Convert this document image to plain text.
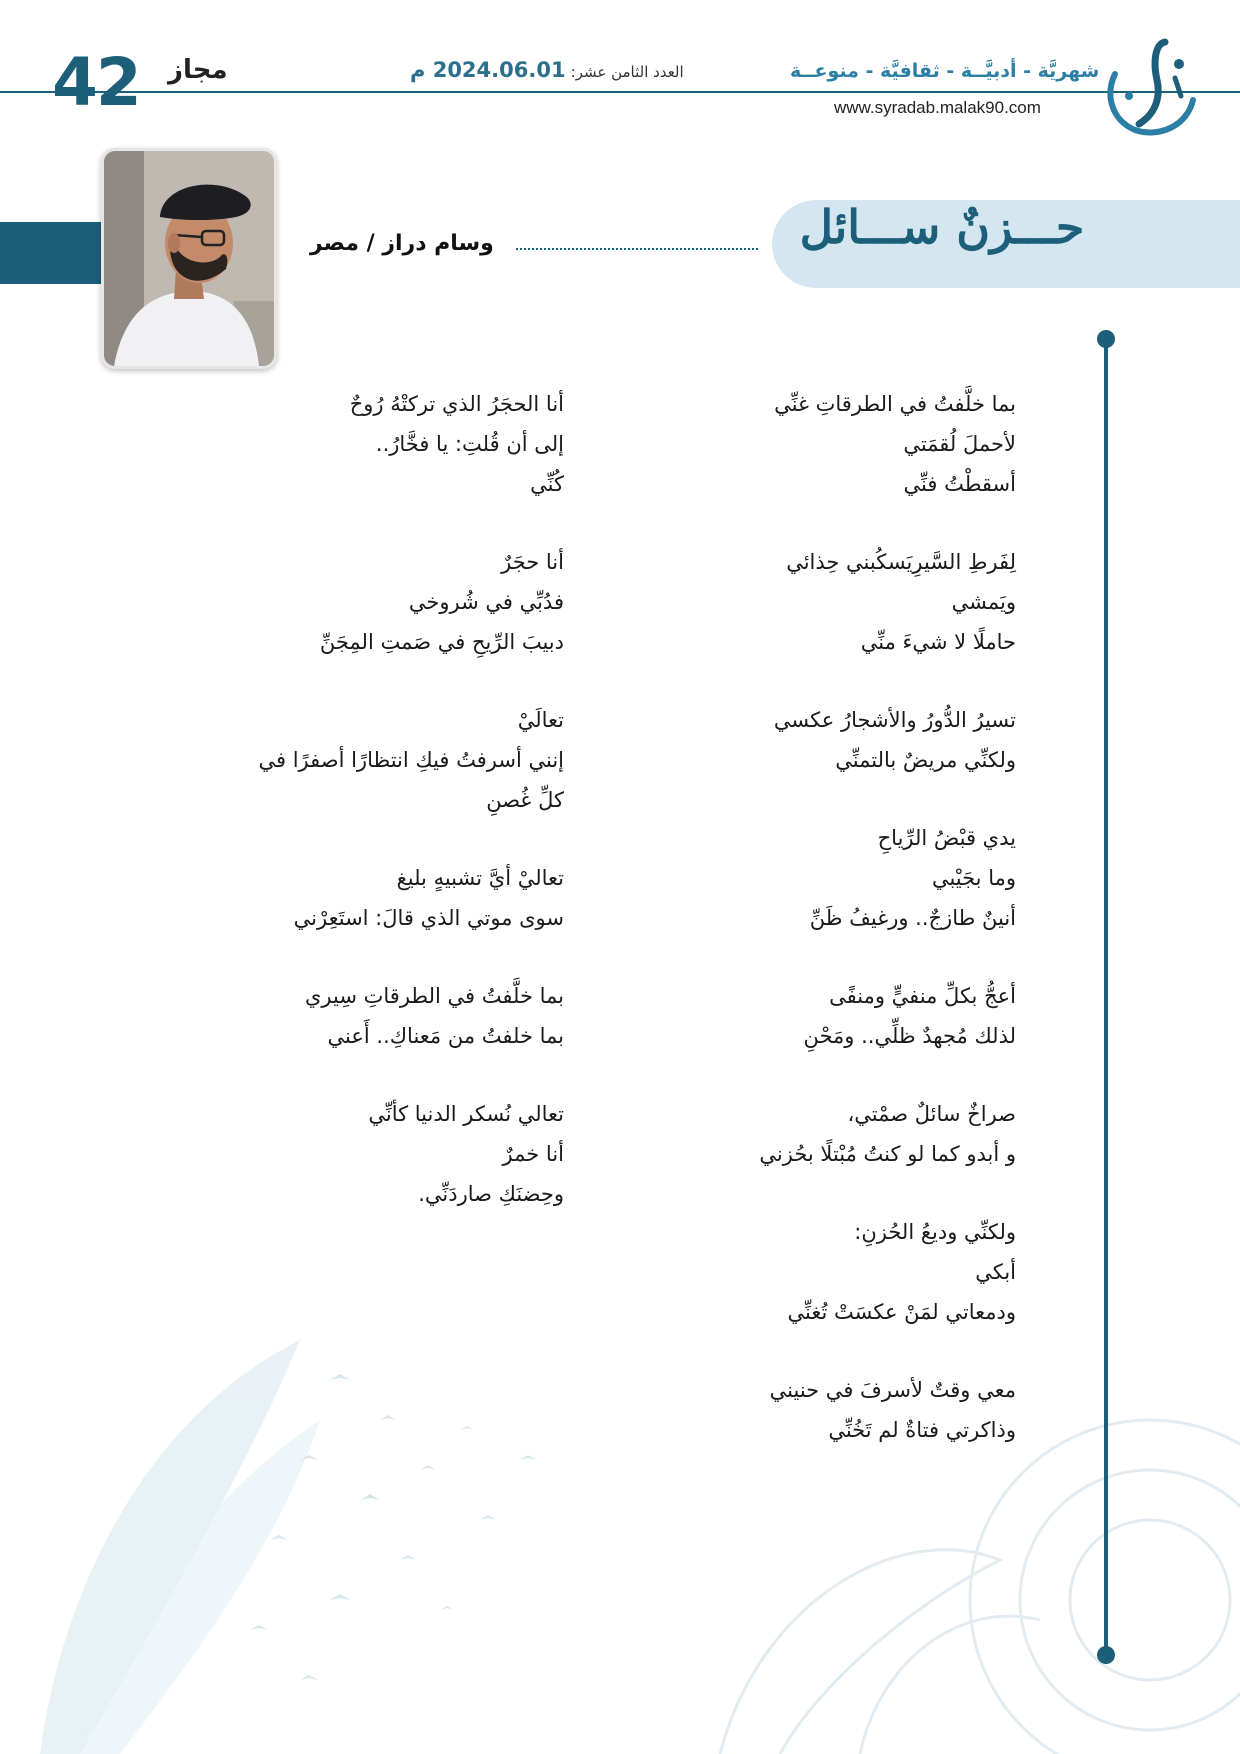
42 مجاز	العدد الثامن عشر: 2024.06.01 م	شهريَّة - أدبيَّــة - ثقافيَّة - منوعــة
www.syradab.malak90.com
حـــزنٌ ســـائل
وسام دراز / مصر
بما خلَّفتُ في الطرقاتِ غنِّي
لأحملَ لُقمَتي
أسقطْتُ فنِّي
لِفَرطِ السَّيرِيَسكُبني حِذائي
ويَمشي
حاملًا لا شيءَ منِّي
تسيرُ الدُّورُ والأشجارُ عكسي
ولكنِّي مريضٌ بالتمنِّي
يدي قبْضُ الرِّياحِ
وما بجَيْبي
أنينٌ طازجٌ.. ورغيفُ ظَنِّ
أعجُّ بكلِّ منفيٍّ ومنفًى
لذلك مُجهدٌ ظلِّي.. ومَحْنِ
صراخٌ سائلٌ صمْتي،
و أبدو كما لو كنتُ مُبْتلًا بحُزني
ولكنِّي وديعُ الحُزنِ:
أبكي
ودمعاتي لمَنْ عكسَتْ تُغنِّي
معي وقتٌ لأسرفَ في حنيني
وذاكرتي فتاةٌ لم تَخُنِّي
أنا الحجَرُ الذي تركتْهُ رُوحٌ
إلى أن قُلتِ: يا فخَّارُ..
كُنِّي
أنا حجَرٌ
فدُبِّي في شُروخي
دبيبَ الرِّيحِ في صَمتِ المِجَنِّ
تعالَيْ
إنني أسرفتُ فيكِ انتظارًا أصفرًا في
كلِّ غُصنِ
تعاليْ أيَّ تشبيهٍ بليغ
سوى موتي الذي قالَ: استَعِرْني
بما خلَّفتُ في الطرقاتِ سِيري
بما خلفتُ من مَعناكِ.. أَعني
تعالي نُسكر الدنيا كأنِّي
أنا خمرٌ
وحِضنَكِ صاردَنِّي.
